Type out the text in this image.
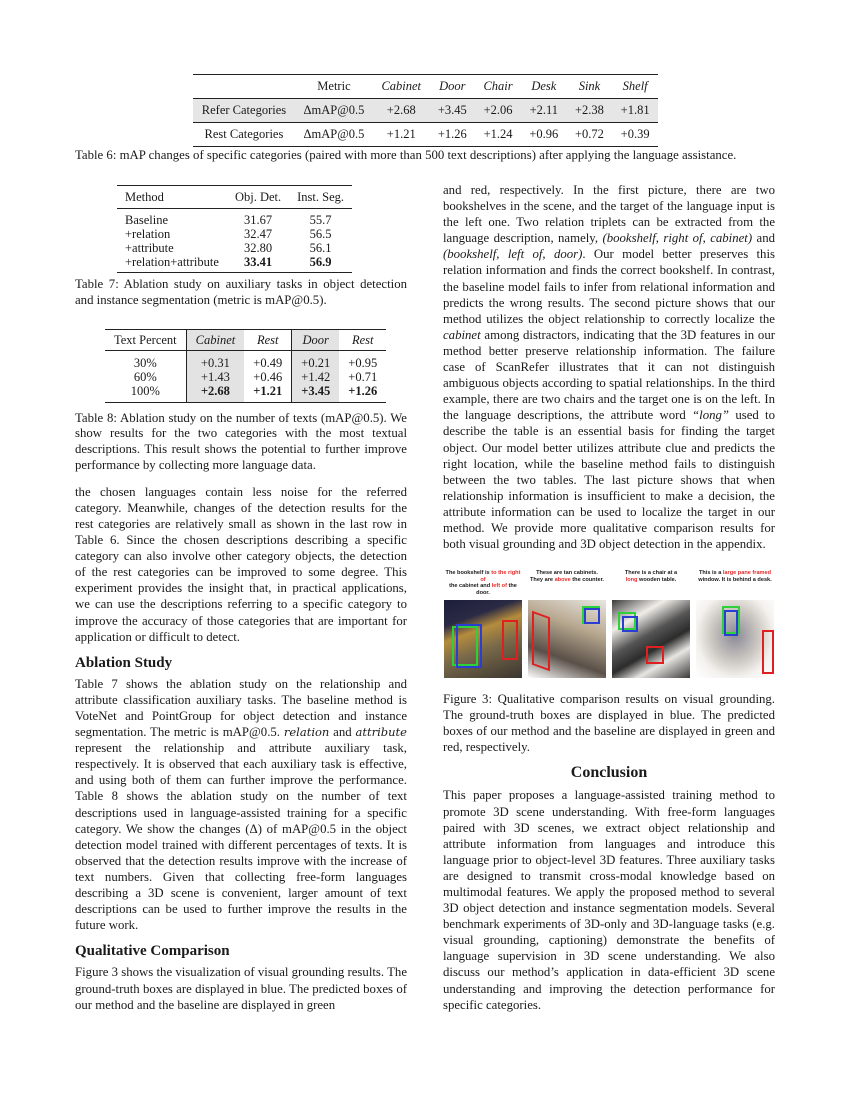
	Metric	Cabinet	Door	Chair	Desk	Sink	Shelf
Refer Categories	ΔmAP@0.5	+2.68	+3.45	+2.06	+2.11	+2.38	+1.81
Rest Categories	ΔmAP@0.5	+1.21	+1.26	+1.24	+0.96	+0.72	+0.39
Table 6: mAP changes of specific categories (paired with more than 500 text descriptions) after applying the language assistance.
Method	Obj. Det.	Inst. Seg.
Baseline	31.67	55.7
+relation	32.47	56.5
+attribute	32.80	56.1
+relation+attribute	33.41	56.9
Table 7: Ablation study on auxiliary tasks in object detection and instance segmentation (metric is mAP@0.5).
Text Percent	Cabinet	Rest	Door	Rest
30%	+0.31	+0.49	+0.21	+0.95
60%	+1.43	+0.46	+1.42	+0.71
100%	+2.68	+1.21	+3.45	+1.26
Table 8: Ablation study on the number of texts (mAP@0.5). We show results for the two categories with the most textual descriptions. This result shows the potential to further improve performance by collecting more language data.

the chosen languages contain less noise for the referred category. Meanwhile, changes of the detection results for the rest categories are relatively small as shown in the last row in Table 6. Since the chosen descriptions describing a specific category can also involve other category objects, the detection of the rest categories can be improved to some degree. This experiment provides the insight that, in practical applications, we can use the descriptions referring to a specific category to improve the accuracy of those categories that are important for application or difficult to detect.

Ablation Study

Table 7 shows the ablation study on the relationship and attribute classification auxiliary tasks. The baseline method is VoteNet and PointGroup for object detection and instance segmentation. The metric is mAP@0.5. relation and attribute represent the relationship and attribute auxiliary task, respectively. It is observed that each auxiliary task is effective, and using both of them can further improve the performance. Table 8 shows the ablation study on the number of text descriptions used in language-assisted training for a specific category. We show the changes (Δ) of mAP@0.5 in the object detection model trained with different percentages of texts. It is observed that the detection results improve with the increase of text numbers. Given that collecting free-form languages describing a 3D scene is convenient, larger amount of text descriptions can be used to further improve the results in the future work.

Qualitative Comparison

Figure 3 shows the visualization of visual grounding results. The ground-truth boxes are displayed in blue. The predicted boxes of our method and the baseline are displayed in green

and red, respectively. In the first picture, there are two bookshelves in the scene, and the target of the language input is the left one. Two relation triplets can be extracted from the language description, namely, (bookshelf, right of, cabinet) and (bookshelf, left of, door). Our model better preserves this relation information and finds the correct bookshelf. In contrast, the baseline model fails to infer from relational information and predicts the wrong results. The second picture shows that our method utilizes the object relationship to correctly localize the cabinet among distractors, indicating that the 3D features in our method better preserve relationship information. The failure case of ScanRefer illustrates that it can not distinguish ambiguous objects according to spatial relationships. In the third example, there are two chairs and the target one is on the left. In the language descriptions, the attribute word “long” used to describe the table is an essential basis for finding the target object. Our model better utilizes attribute clue and predicts the right location, while the baseline method fails to distinguish between the two tables. The last picture shows that when relationship information is insufficient to make a decision, the attribute information can be used to localize the target in our method. We provide more qualitative comparison results for both visual grounding and 3D object detection in the appendix.

The bookshelf is to the right of
the cabinet and left of the door.
These are tan cabinets.
They are above the counter.
There is a chair at a
long wooden table.
This is a large pane framed
window. It is behind a desk.
Figure 3: Qualitative comparison results on visual grounding. The ground-truth boxes are displayed in blue. The predicted boxes of our method and the baseline are displayed in green and red, respectively.
Conclusion

This paper proposes a language-assisted training method to promote 3D scene understanding. With free-form languages paired with 3D scenes, we extract object relationship and attribute information from languages and introduce this language prior to object-level 3D features. Three auxiliary tasks are designed to transmit cross-modal knowledge based on multimodal features. We apply the proposed method to several 3D object detection and instance segmentation models. Several benchmark experiments of 3D-only and 3D-language tasks (e.g. visual grounding, captioning) demonstrate the benefits of language supervision in 3D scene understanding. We also discuss our method’s application in data-efficient 3D scene understanding and improving the detection performance for specific categories.
